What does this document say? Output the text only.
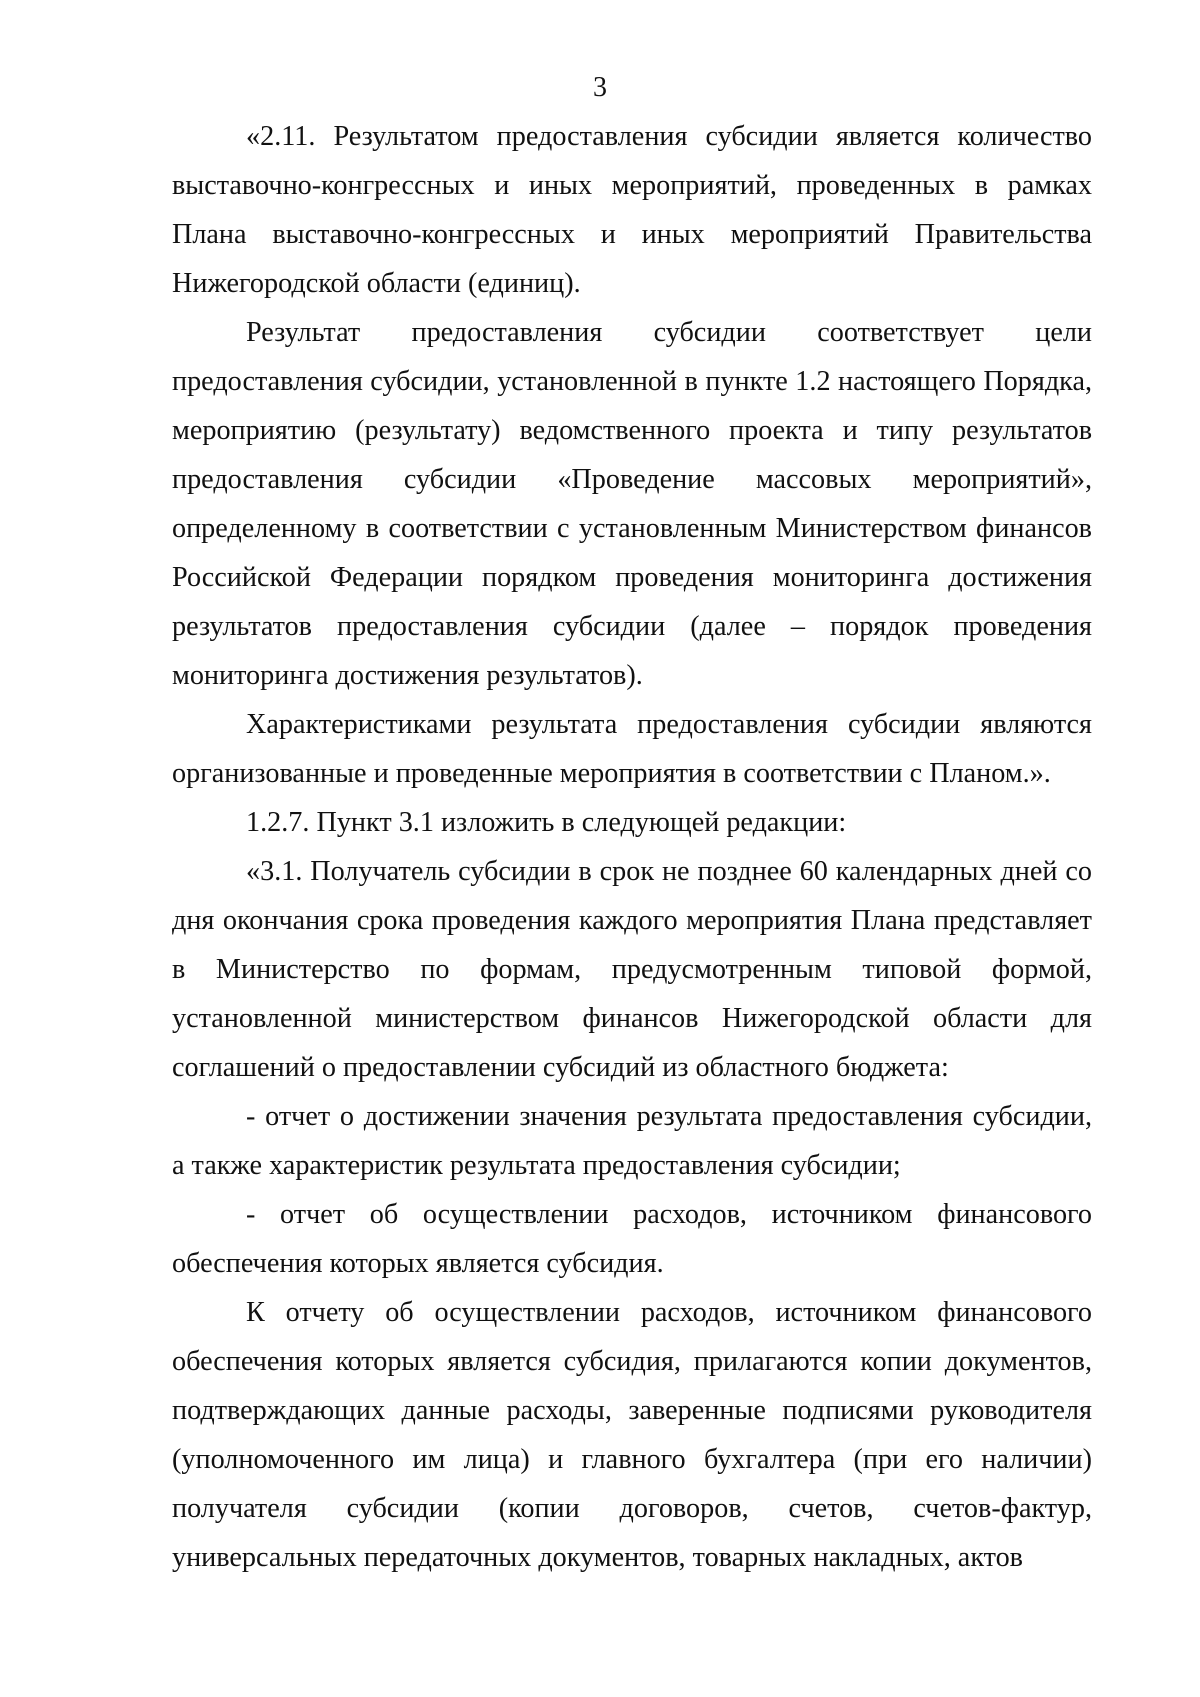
3

«2.11. Результатом предоставления субсидии является количество выставочно-конгрессных и иных мероприятий, проведенных в рамках Плана выставочно-конгрессных и иных мероприятий Правительства Нижегородской области (единиц).

Результат предоставления субсидии соответствует цели предоставления субсидии, установленной в пункте 1.2 настоящего Порядка, мероприятию (результату) ведомственного проекта и типу результатов предоставления субсидии «Проведение массовых мероприятий», определенному в соответствии с установленным Министерством финансов Российской Федерации порядком проведения мониторинга достижения результатов предоставления субсидии (далее – порядок проведения мониторинга достижения результатов).

Характеристиками результата предоставления субсидии являются организованные и проведенные мероприятия в соответствии с Планом.».

1.2.7. Пункт 3.1 изложить в следующей редакции:

«3.1. Получатель субсидии в срок не позднее 60 календарных дней со дня окончания срока проведения каждого мероприятия Плана представляет в Министерство по формам, предусмотренным типовой формой, установленной министерством финансов Нижегородской области для соглашений о предоставлении субсидий из областного бюджета:

- отчет о достижении значения результата предоставления субсидии, а также характеристик результата предоставления субсидии;

- отчет об осуществлении расходов, источником финансового обеспечения которых является субсидия.

К отчету об осуществлении расходов, источником финансового обеспечения которых является субсидия, прилагаются копии документов, подтверждающих данные расходы, заверенные подписями руководителя (уполномоченного им лица) и главного бухгалтера (при его наличии) получателя субсидии (копии договоров, счетов, счетов-фактур, универсальных передаточных документов, товарных накладных, актов
